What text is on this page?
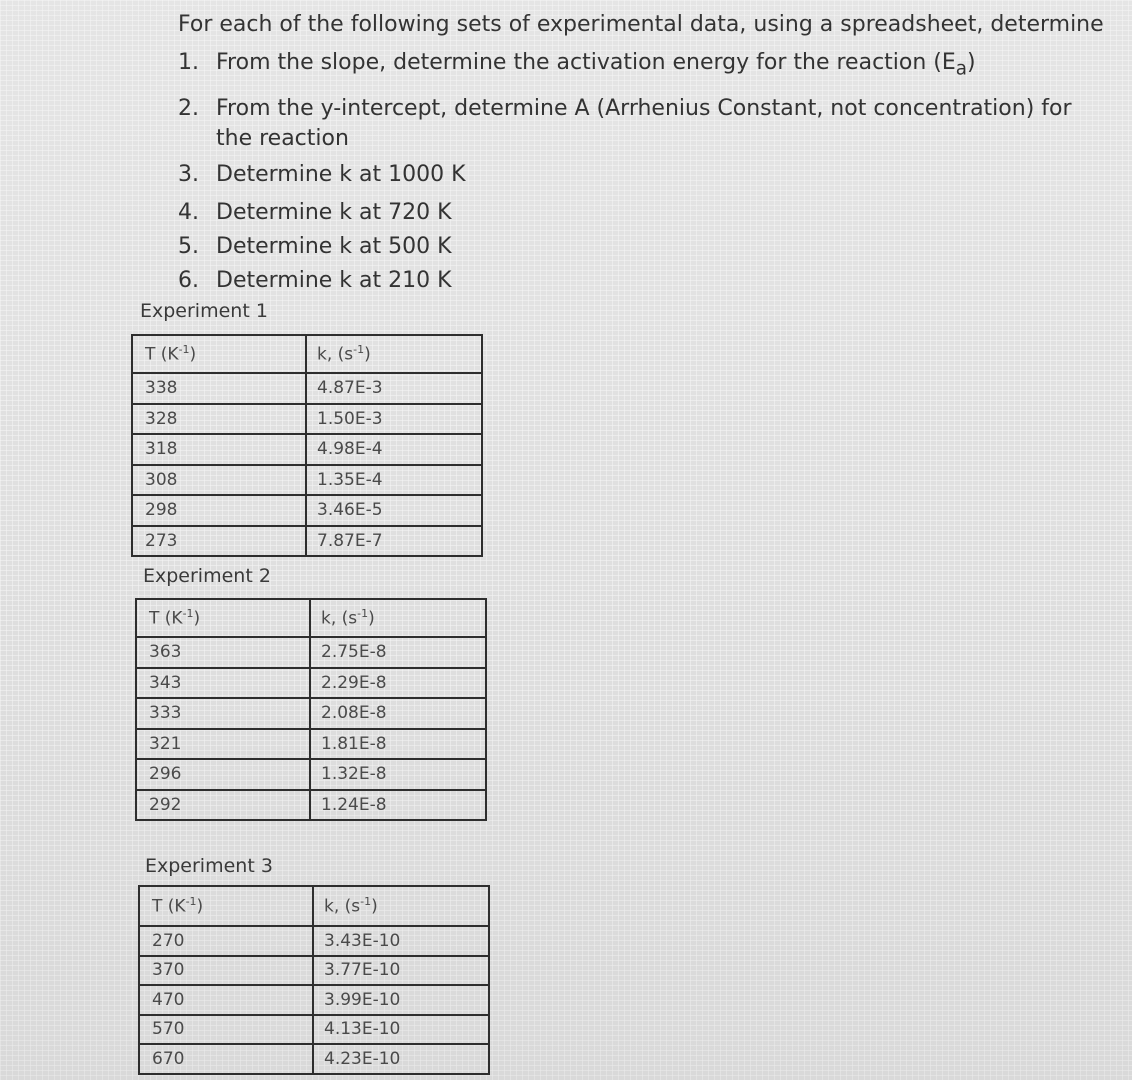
For each of the following sets of experimental data, using a spreadsheet, determine

1. From the slope, determine the activation energy for the reaction $(E_a)$
2. From the y-intercept, determine A (Arrhenius Constant, not concentration) for
the reaction
3. Determine k at 1000 K
4. Determine k at 720 K
5. Determine k at 500 K
6. Determine k at 210 K
Experiment 1
T $(K^{-1})$	k, $(s^{-1})$
338	4.87E-3
328	1.50E-3
318	4.98E-4
308	1.35E-4
298	3.46E-5
273	7.87E-7
Experiment 2
T $(K^{-1})$	k, $(s^{-1})$
363	2.75E-8
343	2.29E-8
333	2.08E-8
321	1.81E-8
296	1.32E-8
292	1.24E-8
Experiment 3
T $(K^{-1})$	k, $(s^{-1})$
270	3.43E-10
370	3.77E-10
470	3.99E-10
570	4.13E-10
670	4.23E-10
